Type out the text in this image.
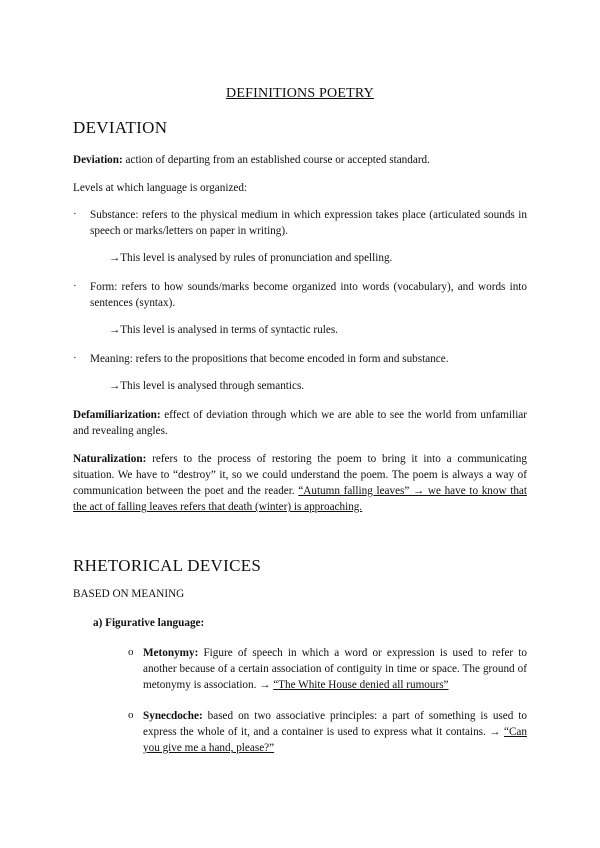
DEFINITIONS POETRY
DEVIATION
Deviation: action of departing from an established course or accepted standard.
Levels at which language is organized:
· Substance: refers to the physical medium in which expression takes place (articulated sounds in speech or marks/letters on paper in writing).
→This level is analysed by rules of pronunciation and spelling.
· Form: refers to how sounds/marks become organized into words (vocabulary), and words into sentences (syntax).
→This level is analysed in terms of syntactic rules.
· Meaning: refers to the propositions that become encoded in form and substance.
→This level is analysed through semantics.
Defamiliarization: effect of deviation through which we are able to see the world from unfamiliar and revealing angles.
Naturalization: refers to the process of restoring the poem to bring it into a communicating situation. We have to “destroy” it, so we could understand the poem. The poem is always a way of communication between the poet and the reader. “Autumn falling leaves” → we have to know that the act of falling leaves refers that death (winter) is approaching.
RHETORICAL DEVICES
BASED ON MEANING
a) Figurative language:
o Metonymy: Figure of speech in which a word or expression is used to refer to another because of a certain association of contiguity in time or space. The ground of metonymy is association. → “The White House denied all rumours”
o Synecdoche: based on two associative principles: a part of something is used to express the whole of it, and a container is used to express what it contains. → “Can you give me a hand, please?”
